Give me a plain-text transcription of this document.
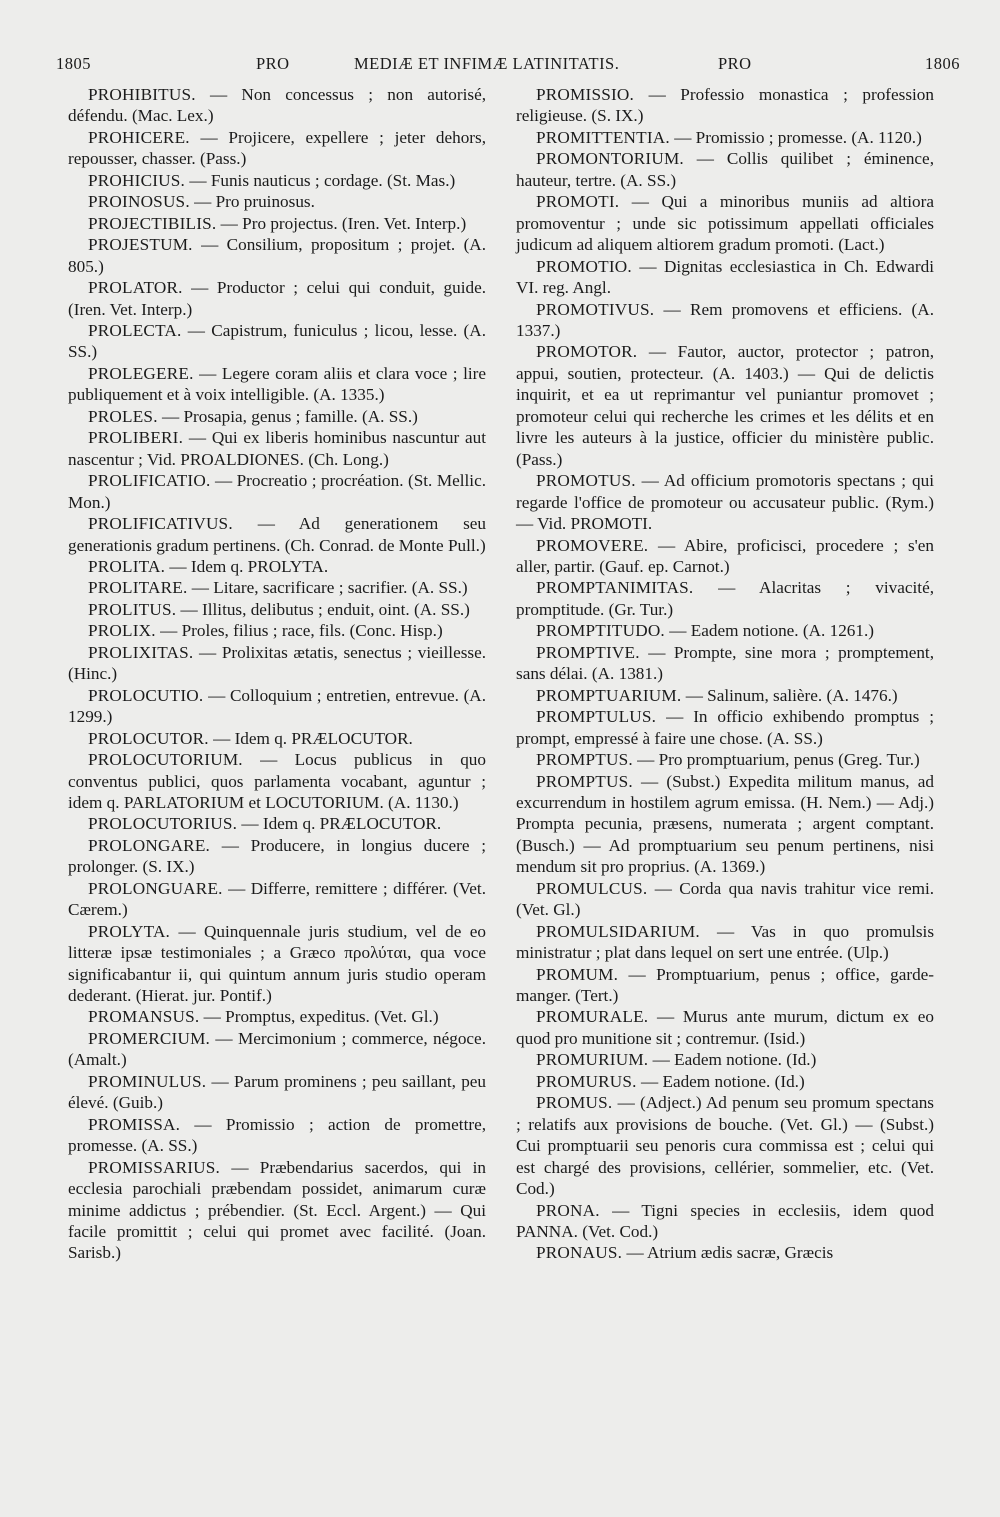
1805	PRO	MEDIÆ ET INFIMÆ LATINITATIS.	PRO	1806

PROHIBITUS. — Non concessus ; non autorisé, défendu. (Mac. Lex.)

PROHICERE. — Projicere, expellere ; jeter dehors, repousser, chasser. (Pass.)

PROHICIUS. — Funis nauticus ; cordage. (St. Mas.)

PROINOSUS. — Pro pruinosus.

PROJECTIBILIS. — Pro projectus. (Iren. Vet. Interp.)

PROJESTUM. — Consilium, propositum ; projet. (A. 805.)

PROLATOR. — Productor ; celui qui conduit, guide. (Iren. Vet. Interp.)

PROLECTA. — Capistrum, funiculus ; licou, lesse. (A. SS.)

PROLEGERE. — Legere coram aliis et clara voce ; lire publiquement et à voix intelligible. (A. 1335.)

PROLES. — Prosapia, genus ; famille. (A. SS.)

PROLIBERI. — Qui ex liberis hominibus nascuntur aut nascentur ; Vid. PROALDIONES. (Ch. Long.)

PROLIFICATIO. — Procreatio ; procréation. (St. Mellic. Mon.)

PROLIFICATIVUS. — Ad generationem seu generationis gradum pertinens. (Ch. Conrad. de Monte Pull.)

PROLITA. — Idem q. PROLYTA.

PROLITARE. — Litare, sacrificare ; sacrifier. (A. SS.)

PROLITUS. — Illitus, delibutus ; enduit, oint. (A. SS.)

PROLIX. — Proles, filius ; race, fils. (Conc. Hisp.)

PROLIXITAS. — Prolixitas ætatis, senectus ; vieillesse. (Hinc.)

PROLOCUTIO. — Colloquium ; entretien, entrevue. (A. 1299.)

PROLOCUTOR. — Idem q. PRÆLOCUTOR.

PROLOCUTORIUM. — Locus publicus in quo conventus publici, quos parlamenta vocabant, aguntur ; idem q. PARLATORIUM et LOCUTORIUM. (A. 1130.)

PROLOCUTORIUS. — Idem q. PRÆLOCUTOR.

PROLONGARE. — Producere, in longius ducere ; prolonger. (S. IX.)

PROLONGUARE. — Differre, remittere ; différer. (Vet. Cærem.)

PROLYTA. — Quinquennale juris studium, vel de eo litteræ ipsæ testimoniales ; a Græco προλύται, qua voce significabantur ii, qui quintum annum juris studio operam dederant. (Hierat. jur. Pontif.)

PROMANSUS. — Promptus, expeditus. (Vet. Gl.)

PROMERCIUM. — Mercimonium ; commerce, négoce. (Amalt.)

PROMINULUS. — Parum prominens ; peu saillant, peu élevé. (Guib.)

PROMISSA. — Promissio ; action de promettre, promesse. (A. SS.)

PROMISSARIUS. — Præbendarius sacerdos, qui in ecclesia parochiali præbendam possidet, animarum curæ minime addictus ; prébendier. (St. Eccl. Argent.) — Qui facile promittit ; celui qui promet avec facilité. (Joan. Sarisb.)

PROMISSIO. — Professio monastica ; profession religieuse. (S. IX.)

PROMITTENTIA. — Promissio ; promesse. (A. 1120.)

PROMONTORIUM. — Collis quilibet ; éminence, hauteur, tertre. (A. SS.)

PROMOTI. — Qui a minoribus muniis ad altiora promoventur ; unde sic potissimum appellati officiales judicum ad aliquem altiorem gradum promoti. (Lact.)

PROMOTIO. — Dignitas ecclesiastica in Ch. Edwardi VI. reg. Angl.

PROMOTIVUS. — Rem promovens et efficiens. (A. 1337.)

PROMOTOR. — Fautor, auctor, protector ; patron, appui, soutien, protecteur. (A. 1403.) — Qui de delictis inquirit, et ea ut reprimantur vel puniantur promovet ; promoteur celui qui recherche les crimes et les délits et en livre les auteurs à la justice, officier du ministère public. (Pass.)

PROMOTUS. — Ad officium promotoris spectans ; qui regarde l'office de promoteur ou accusateur public. (Rym.) — Vid. PROMOTI.

PROMOVERE. — Abire, proficisci, procedere ; s'en aller, partir. (Gauf. ep. Carnot.)

PROMPTANIMITAS. — Alacritas ; vivacité, promptitude. (Gr. Tur.)

PROMPTITUDO. — Eadem notione. (A. 1261.)

PROMPTIVE. — Prompte, sine mora ; promptement, sans délai. (A. 1381.)

PROMPTUARIUM. — Salinum, salière. (A. 1476.)

PROMPTULUS. — In officio exhibendo promptus ; prompt, empressé à faire une chose. (A. SS.)

PROMPTUS. — Pro promptuarium, penus (Greg. Tur.)

PROMPTUS. — (Subst.) Expedita militum manus, ad excurrendum in hostilem agrum emissa. (H. Nem.) — Adj.) Prompta pecunia, præsens, numerata ; argent comptant. (Busch.) — Ad promptuarium seu penum pertinens, nisi mendum sit pro proprius. (A. 1369.)

PROMULCUS. — Corda qua navis trahitur vice remi. (Vet. Gl.)

PROMULSIDARIUM. — Vas in quo promulsis ministratur ; plat dans lequel on sert une entrée. (Ulp.)

PROMUM. — Promptuarium, penus ; office, garde-manger. (Tert.)

PROMURALE. — Murus ante murum, dictum ex eo quod pro munitione sit ; contremur. (Isid.)

PROMURIUM. — Eadem notione. (Id.)

PROMURUS. — Eadem notione. (Id.)

PROMUS. — (Adject.) Ad penum seu promum spectans ; relatifs aux provisions de bouche. (Vet. Gl.) — (Subst.) Cui promptuarii seu penoris cura commissa est ; celui qui est chargé des provisions, cellérier, sommelier, etc. (Vet. Cod.)

PRONA. — Tigni species in ecclesiis, idem quod PANNA. (Vet. Cod.)

PRONAUS. — Atrium ædis sacræ, Græcis
